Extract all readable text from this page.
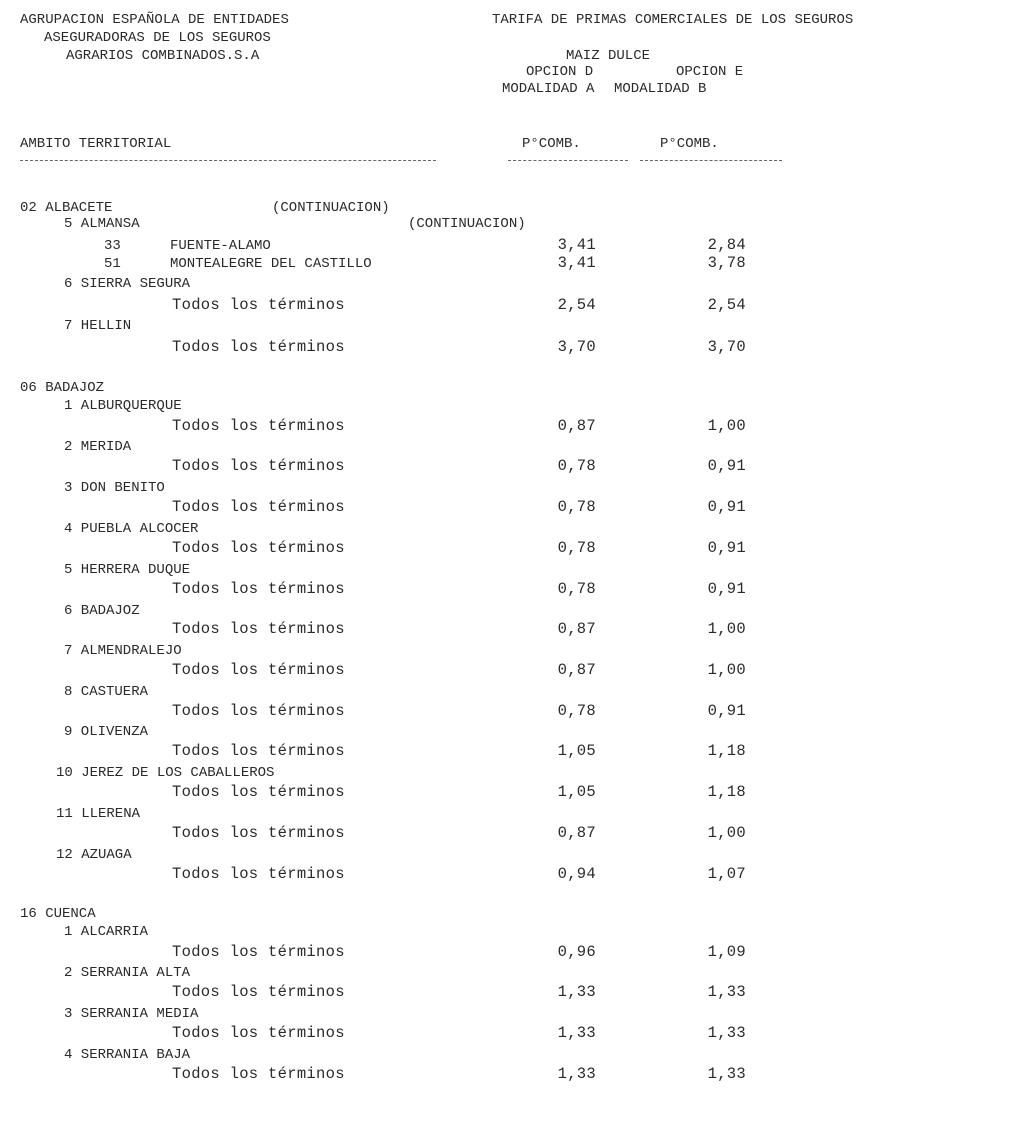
AGRUPACION ESPAÑOLA DE ENTIDADES
ASEGURADORAS DE LOS SEGUROS
AGRARIOS COMBINADOS.S.A
TARIFA DE PRIMAS COMERCIALES DE LOS SEGUROS
MAIZ DULCE
OPCION D	OPCION E
MODALIDAD A MODALIDAD B
AMBITO TERRITORIAL	P°COMB.	P°COMB.
02 ALBACETE	(CONTINUACION)
5 ALMANSA	(CONTINUACION)
33	FUENTE-ALAMO	3,41	2,84
51	MONTEALEGRE DEL CASTILLO	3,41	3,78
6 SIERRA SEGURA
Todos los términos	2,54	2,54
7 HELLIN
Todos los términos	3,70	3,70
06 BADAJOZ
1 ALBURQUERQUE
Todos los términos	0,87	1,00
2 MERIDA
Todos los términos	0,78	0,91
3 DON BENITO
Todos los términos	0,78	0,91
4 PUEBLA ALCOCER
Todos los términos	0,78	0,91
5 HERRERA DUQUE
Todos los términos	0,78	0,91
6 BADAJOZ
Todos los términos	0,87	1,00
7 ALMENDRALEJO
Todos los términos	0,87	1,00
8 CASTUERA
Todos los términos	0,78	0,91
9 OLIVENZA
Todos los términos	1,05	1,18
10 JEREZ DE LOS CABALLEROS
Todos los términos	1,05	1,18
11 LLERENA
Todos los términos	0,87	1,00
12 AZUAGA
Todos los términos	0,94	1,07
16 CUENCA
1 ALCARRIA
Todos los términos	0,96	1,09
2 SERRANIA ALTA
Todos los términos	1,33	1,33
3 SERRANIA MEDIA
Todos los términos	1,33	1,33
4 SERRANIA BAJA
Todos los términos	1,33	1,33
